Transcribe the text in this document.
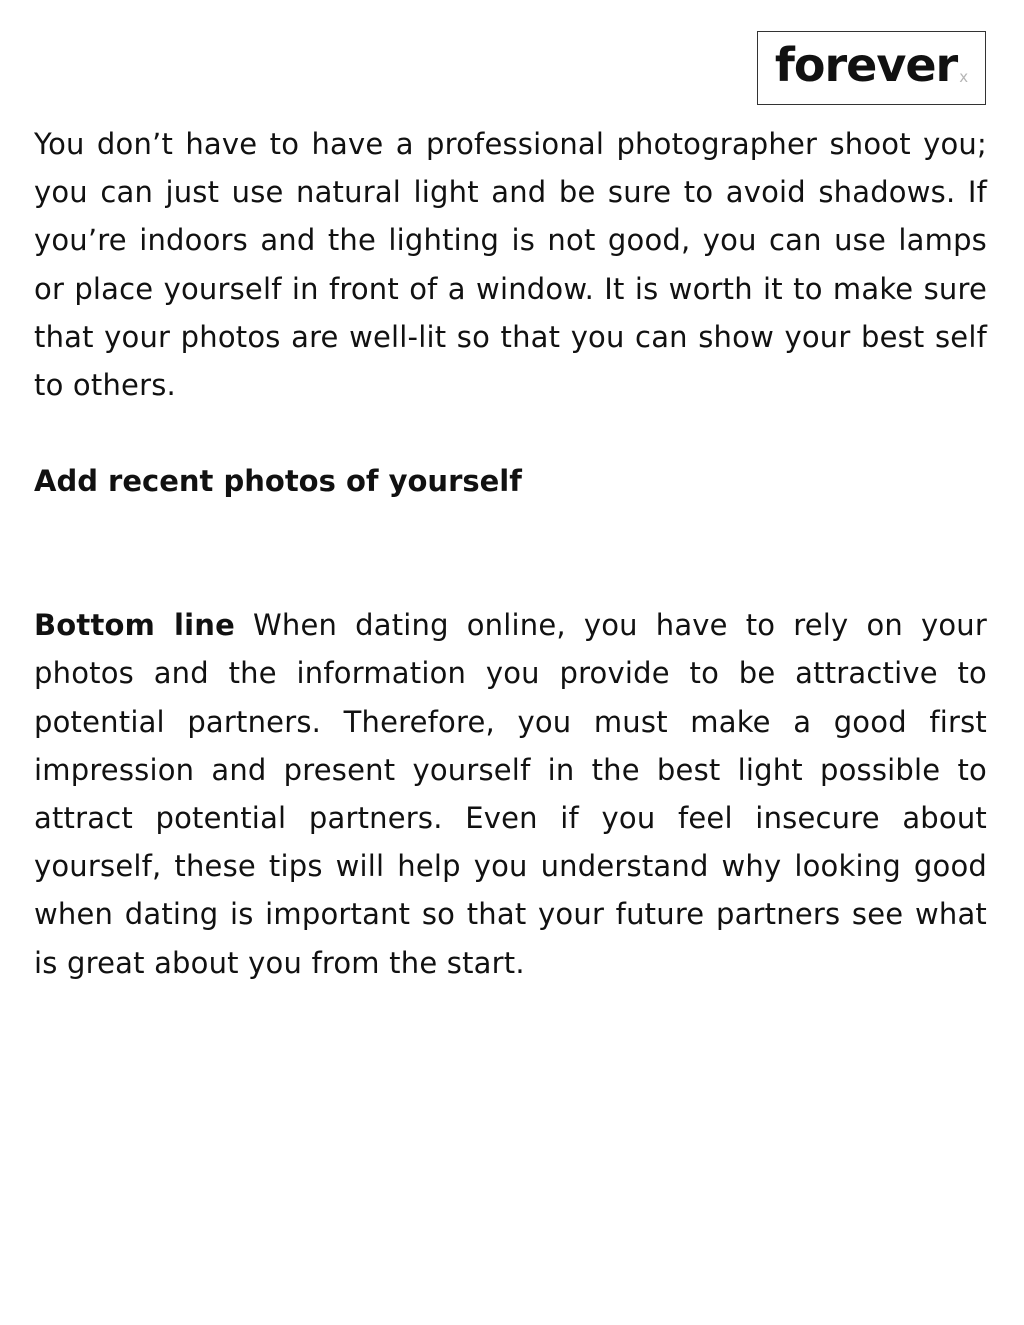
forever x

You don’t have to have a professional photographer shoot you; you can just use natural light and be sure to avoid shadows. If you’re indoors and the lighting is not good, you can use lamps or place yourself in front of a window. It is worth it to make sure that your photos are well-lit so that you can show your best self to others.

Add recent photos of yourself

Bottom line When dating online, you have to rely on your photos and the information you provide to be attractive to potential partners. Therefore, you must make a good first impression and present yourself in the best light possible to attract potential partners. Even if you feel insecure about yourself, these tips will help you understand why looking good when dating is important so that your future partners see what is great about you from the start.
